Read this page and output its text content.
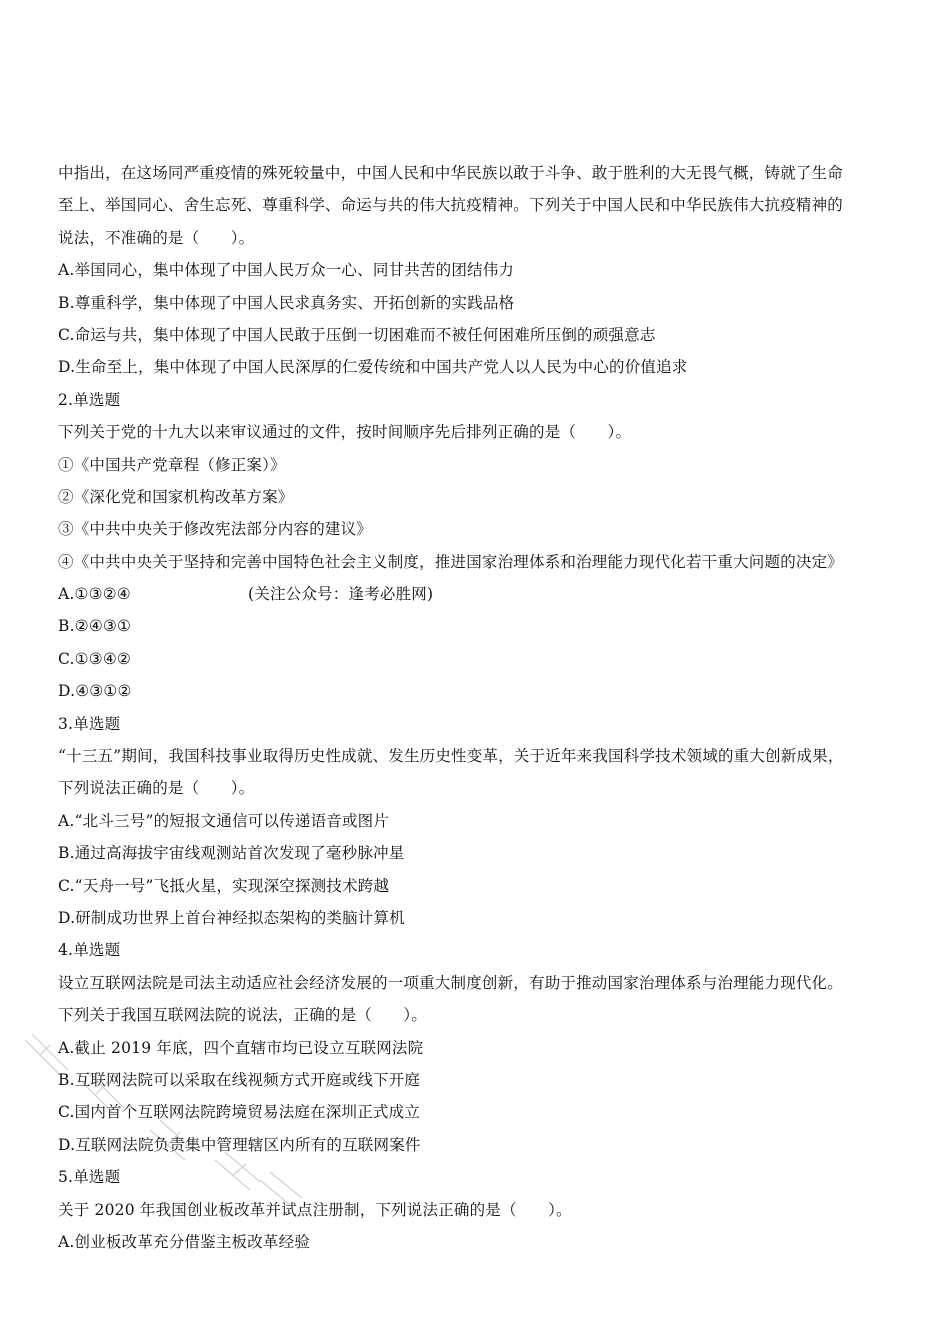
中指出，在这场同严重疫情的殊死较量中，中国人民和中华民族以敢于斗争、敢于胜利的大无畏气概，铸就了生命
至上、举国同心、舍生忘死、尊重科学、命运与共的伟大抗疫精神。下列关于中国人民和中华民族伟大抗疫精神的
说法，不准确的是（　　）。
A.举国同心，集中体现了中国人民万众一心、同甘共苦的团结伟力
B.尊重科学，集中体现了中国人民求真务实、开拓创新的实践品格
C.命运与共，集中体现了中国人民敢于压倒一切困难而不被任何困难所压倒的顽强意志
D.生命至上，集中体现了中国人民深厚的仁爱传统和中国共产党人以人民为中心的价值追求
2.单选题
下列关于党的十九大以来审议通过的文件，按时间顺序先后排列正确的是（　　）。
①《中国共产党章程（修正案）》
②《深化党和国家机构改革方案》
③《中共中央关于修改宪法部分内容的建议》
④《中共中央关于坚持和完善中国特色社会主义制度，推进国家治理体系和治理能力现代化若干重大问题的决定》
A.①③②④	(关注公众号：逢考必胜网)
B.②④③①
C.①③④②
D.④③①②
3.单选题
“十三五”期间，我国科技事业取得历史性成就、发生历史性变革，关于近年来我国科学技术领域的重大创新成果，
下列说法正确的是（　　）。
A.“北斗三号”的短报文通信可以传递语音或图片
B.通过高海拔宇宙线观测站首次发现了毫秒脉冲星
C.“天舟一号”飞抵火星，实现深空探测技术跨越
D.研制成功世界上首台神经拟态架构的类脑计算机
4.单选题
设立互联网法院是司法主动适应社会经济发展的一项重大制度创新，有助于推动国家治理体系与治理能力现代化。
下列关于我国互联网法院的说法，正确的是（　　）。
A.截止 2019 年底，四个直辖市均已设立互联网法院
B.互联网法院可以采取在线视频方式开庭或线下开庭
C.国内首个互联网法院跨境贸易法庭在深圳正式成立
D.互联网法院负责集中管理辖区内所有的互联网案件
5.单选题
关于 2020 年我国创业板改革并试点注册制，下列说法正确的是（　　）。
A.创业板改革充分借鉴主板改革经验
